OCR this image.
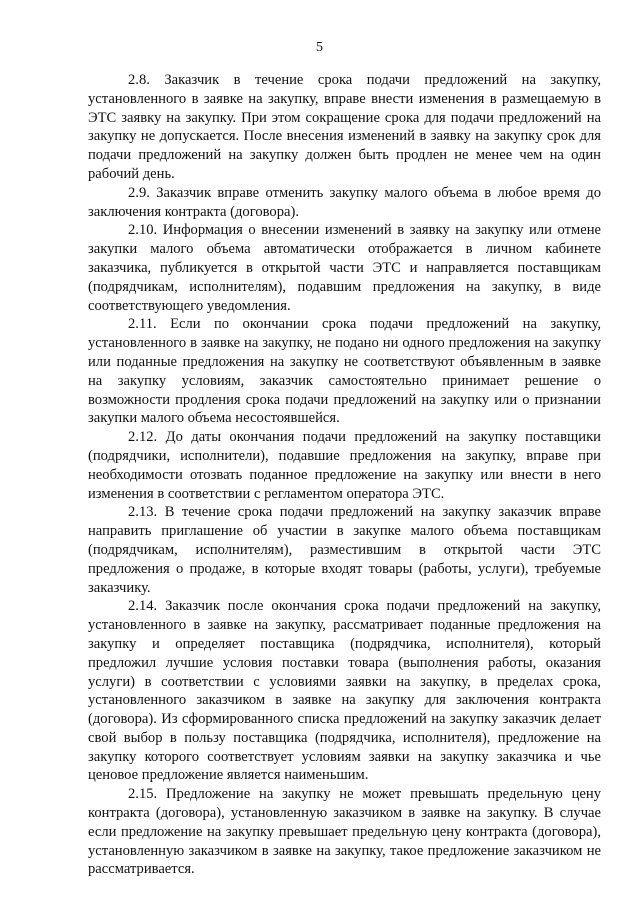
5

2.8. Заказчик в течение срока подачи предложений на закупку, установленного в заявке на закупку, вправе внести изменения в размещаемую в ЭТС заявку на закупку. При этом сокращение срока для подачи предложений на закупку не допускается. После внесения изменений в заявку на закупку срок для подачи предложений на закупку должен быть продлен не менее чем на один рабочий день.

2.9. Заказчик вправе отменить закупку малого объема в любое время до заключения контракта (договора).

2.10. Информация о внесении изменений в заявку на закупку или отмене закупки малого объема автоматически отображается в личном кабинете заказчика, публикуется в открытой части ЭТС и направляется поставщикам (подрядчикам, исполнителям), подавшим предложения на закупку, в виде соответствующего уведомления.

2.11. Если по окончании срока подачи предложений на закупку, установленного в заявке на закупку, не подано ни одного предложения на закупку или поданные предложения на закупку не соответствуют объявленным в заявке на закупку условиям, заказчик самостоятельно принимает решение о возможности продления срока подачи предложений на закупку или о признании закупки малого объема несостоявшейся.

2.12. До даты окончания подачи предложений на закупку поставщики (подрядчики, исполнители), подавшие предложения на закупку, вправе при необходимости отозвать поданное предложение на закупку или внести в него изменения в соответствии с регламентом оператора ЭТС.

2.13. В течение срока подачи предложений на закупку заказчик вправе направить приглашение об участии в закупке малого объема поставщикам (подрядчикам, исполнителям), разместившим в открытой части ЭТС предложения о продаже, в которые входят товары (работы, услуги), требуемые заказчику.

2.14. Заказчик после окончания срока подачи предложений на закупку, установленного в заявке на закупку, рассматривает поданные предложения на закупку и определяет поставщика (подрядчика, исполнителя), который предложил лучшие условия поставки товара (выполнения работы, оказания услуги) в соответствии с условиями заявки на закупку, в пределах срока, установленного заказчиком в заявке на закупку для заключения контракта (договора). Из сформированного списка предложений на закупку заказчик делает свой выбор в пользу поставщика (подрядчика, исполнителя), предложение на закупку которого соответствует условиям заявки на закупку заказчика и чье ценовое предложение является наименьшим.

2.15. Предложение на закупку не может превышать предельную цену контракта (договора), установленную заказчиком в заявке на закупку. В случае если предложение на закупку превышает предельную цену контракта (договора), установленную заказчиком в заявке на закупку, такое предложение заказчиком не рассматривается.
